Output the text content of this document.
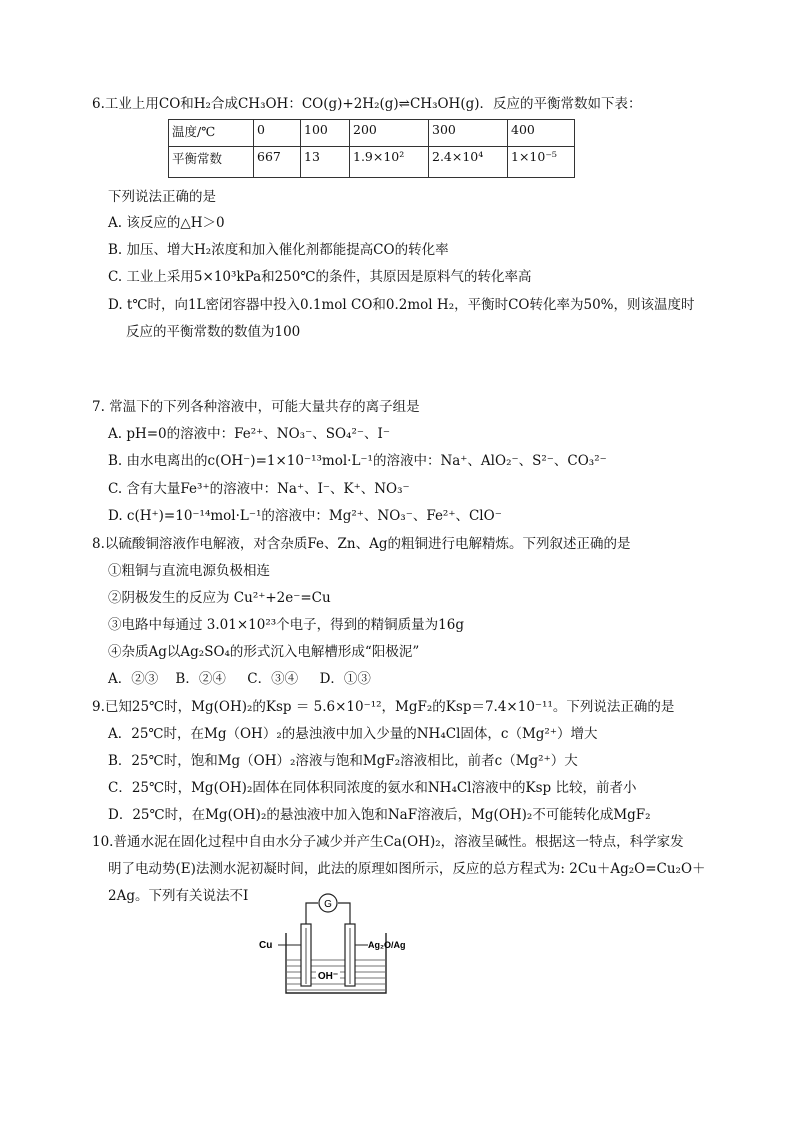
6.工业上用CO和H₂合成CH₃OH：CO(g)+2H₂(g)⇌CH₃OH(g)．反应的平衡常数如下表：
温度/℃	0	100	200	300	400
平衡常数	667	13	1.9×10²	2.4×10⁴	1×10⁻⁵
下列说法正确的是
A. 该反应的△H＞0
B. 加压、增大H₂浓度和加入催化剂都能提高CO的转化率
C. 工业上采用5×10³kPa和250℃的条件，其原因是原料气的转化率高
D. t℃时，向1L密闭容器中投入0.1mol CO和0.2mol H₂，平衡时CO转化率为50%，则该温度时
反应的平衡常数的数值为100
7. 常温下的下列各种溶液中，可能大量共存的离子组是
A. pH=0的溶液中：Fe²⁺、NO₃⁻、SO₄²⁻、I⁻
B. 由水电离出的c(OH⁻)=1×10⁻¹³mol·L⁻¹的溶液中：Na⁺、AlO₂⁻、S²⁻、CO₃²⁻
C. 含有大量Fe³⁺的溶液中：Na⁺、I⁻、K⁺、NO₃⁻
D. c(H⁺)=10⁻¹⁴mol·L⁻¹的溶液中：Mg²⁺、NO₃⁻、Fe²⁺、ClO⁻
8.以硫酸铜溶液作电解液，对含杂质Fe、Zn、Ag的粗铜进行电解精炼。下列叙述正确的是
①粗铜与直流电源负极相连
②阴极发生的反应为 Cu²⁺+2e⁻=Cu
③电路中每通过 3.01×10²³个电子，得到的精铜质量为16g
④杂质Ag以Ag₂SO₄的形式沉入电解槽形成“阳极泥”
A．②③    B．②④     C．③④     D．①③
9.已知25℃时，Mg(OH)₂的Ksp ＝ 5.6×10⁻¹²，MgF₂的Ksp＝7.4×10⁻¹¹。下列说法正确的是
A．25℃时，在Mg（OH）₂的悬浊液中加入少量的NH₄Cl固体，c（Mg²⁺）增大
B．25℃时，饱和Mg（OH）₂溶液与饱和MgF₂溶液相比，前者c（Mg²⁺）大
C．25℃时，Mg(OH)₂固体在同体积同浓度的氨水和NH₄Cl溶液中的Ksp 比较，前者小
D．25℃时，在Mg(OH)₂的悬浊液中加入饱和NaF溶液后，Mg(OH)₂不可能转化成MgF₂
10.普通水泥在固化过程中自由水分子减少并产生Ca(OH)₂，溶液呈碱性。根据这一特点，科学家发
明了电动势(E)法测水泥初凝时间，此法的原理如图所示，反应的总方程式为: 2Cu＋Ag₂O=Cu₂O＋
2Ag。下列有关说法不I
G
OH⁻
Cu	Ag₂O/Ag
